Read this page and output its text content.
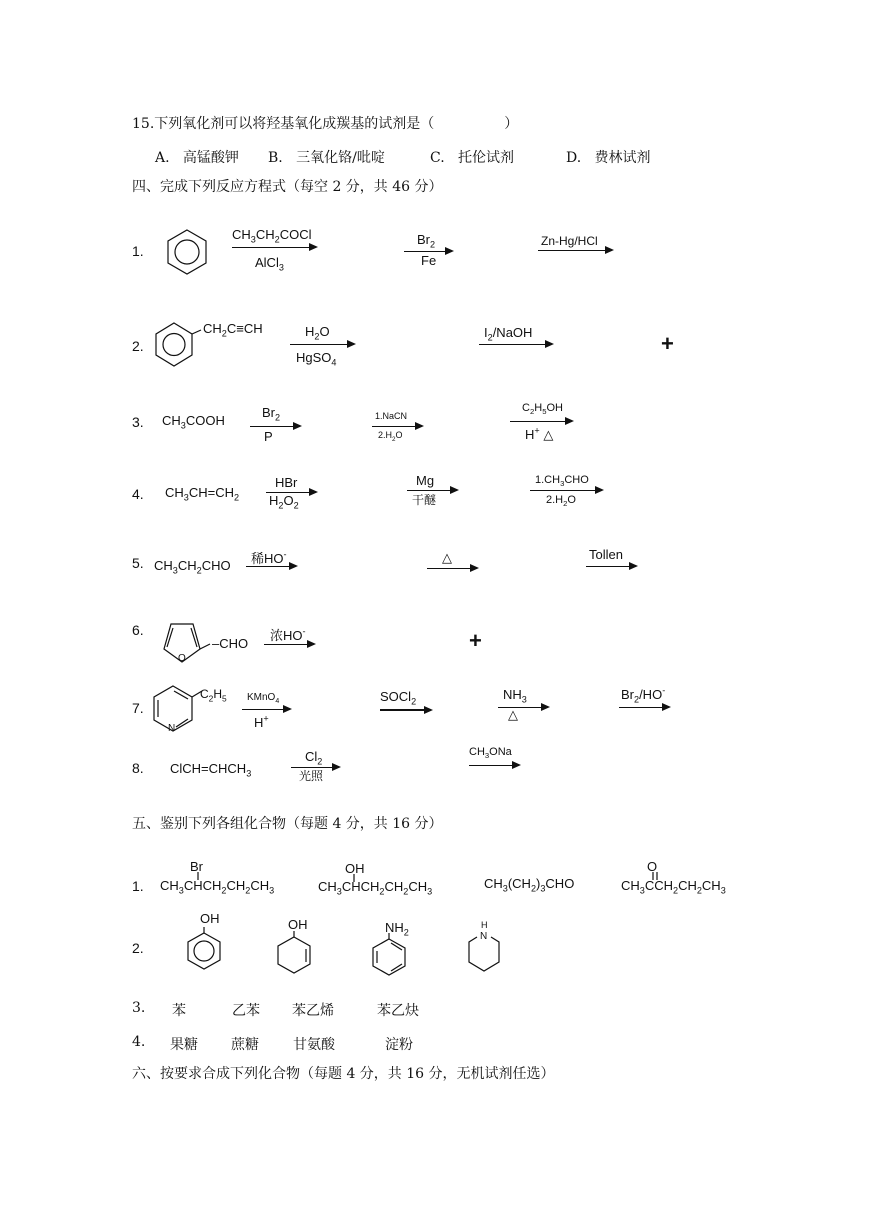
15.下列氧化剂可以将羟基氧化成羰基的试剂是（	）
A. 高锰酸钾 B. 三氧化铬/吡啶	C. 托伦试剂	D. 费林试剂
四、完成下列反应方程式（每空 2 分，共 46 分）
1.
$CH_3CH_2COCl$
AlCl$_3$
$Br_2$
Fe
Zn-Hg/HCl
2.
$CH_2C\equiv CH$	$H_2O$
HgSO$_4$
$I_2$/NaOH	+
3. $CH_3COOH$
$Br_2$
P
1.NaCN
$2.H_2O$
$C_2H_5OH$
H+ △
4. $CH_3CH=CH_2$
HBr
$H_2O_2$
Mg
干醚
$1.CH_3CHO$
$2.H_2O$
5. $CH_3CH_2CHO$ 稀HO-	△	Tollen
6.
O
–CHO 浓HO-	+
7.
N
$C_2H_5$ KMnO$_4$
H+
SOCl$_2$	$NH_3$
△
$Br_2/HO^-$
8. $ClCH=CHCH_3$
$Cl_2$
光照
$CH_3ONa$
五、鉴别下列各组化合物（每题 4 分，共 16 分）
1.
Br
$CH_3CHCH_2CH_2CH_3$
OH
$CH_3CHCH_2CH_2CH_3$
$CH_3(CH_2)_3CHO$
O
$CH_3CCH_2CH_2CH_3$
2.
OH	OH	$NH_2$
H
N
3. 苯	乙苯 苯乙烯	苯乙炔
4. 果糖 蔗糖 甘氨酸	淀粉
六、按要求合成下列化合物（每题 4 分，共 16 分，无机试剂任选）
